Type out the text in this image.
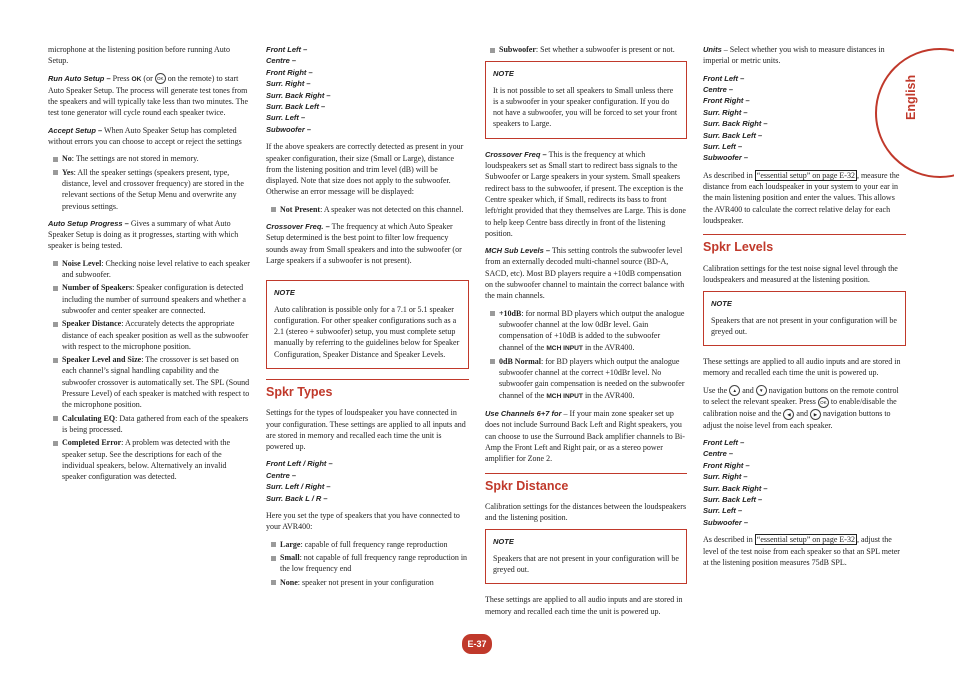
English

microphone at the listening position before running Auto Setup.

Run Auto Setup – Press OK (or OK on the remote) to start Auto Speaker Setup. The process will generate test tones from the speakers and will typically take less than two minutes. The test tone generator will cycle round each speaker twice.

Accept Setup – When Auto Speaker Setup has completed without errors you can choose to accept or reject the settings

No: The settings are not stored in memory.
Yes: All the speaker settings (speakers present, type, distance, level and crossover frequency) are stored in the relevant sections of the Setup Menu and overwrite any previous settings.

Auto Setup Progress – Gives a summary of what Auto Speaker Setup is doing as it progresses, starting with which speaker is being tested.

Noise Level: Checking noise level relative to each speaker and subwoofer.
Number of Speakers: Speaker configuration is detected including the number of surround speakers and whether a subwoofer and center speaker are connected.
Speaker Distance: Accurately detects the appropriate distance of each speaker position as well as the subwoofer with respect to the microphone position.
Speaker Level and Size: The crossover is set based on each channel’s signal handling capability and the subwoofer crossover is automatically set. The SPL (Sound Pressure Level) of each speaker is matched with respect to the microphone position.
Calculating EQ: Data gathered from each of the speakers is being processed.
Completed Error: A problem was detected with the speaker setup. See the descriptions for each of the individual speakers, below. Alternatively an invalid speaker configuration was detected.
Front Left –
Centre –
Front Right –
Surr. Right –
Surr. Back Right –
Surr. Back Left –
Surr. Left –
Subwoofer –

If the above speakers are correctly detected as present in your speaker configuration, their size (Small or Large), distance from the listening position and trim level (dB) will be displayed. Note that size does not apply to the subwoofer. Otherwise an error message will be displayed:

Not Present: A speaker was not detected on this channel.

Crossover Freq. – The frequency at which Auto Speaker Setup determined is the best point to filter low frequency sounds away from Small speakers and into the subwoofer (or Large speakers if a subwoofer is not present).

NOTE
Auto calibration is possible only for a 7.1 or 5.1 speaker configuration. For other speaker configurations such as a 2.1 (stereo + subwoofer) setup, you must complete setup manually by referring to the guidelines below for Speaker Configuration, Speaker Distance and Speaker Levels.
Spkr Types

Settings for the types of loudspeaker you have connected in your configuration. These settings are applied to all inputs and are stored in memory and recalled each time the unit is powered up.

Front Left / Right –
Centre –
Surr. Left / Right –
Surr. Back L / R –

Here you set the type of speakers that you have connected to your AVR400:

Large: capable of full frequency range reproduction
Small: not capable of full frequency range reproduction in the low frequency end
None: speaker not present in your configuration
Subwoofer: Set whether a subwoofer is present or not.
NOTE
It is not possible to set all speakers to Small unless there is a subwoofer in your speaker configuration. If you do not have a subwoofer, you will be forced to set your front speakers to Large.

Crossover Freq – This is the frequency at which loudspeakers set as Small start to redirect bass signals to the Subwoofer or Large speakers in your system. Small speakers redirect bass to the subwoofer, if present. The exception is the Centre speaker which, if Small, redirects its bass to front left/right provided that they themselves are Large. This is done to help keep Centre bass directly in front of the listening position.

MCH Sub Levels – This setting controls the subwoofer level from an externally decoded multi-channel source (BD-A, SACD, etc). Most BD players require a +10dB compensation on the subwoofer channel to maintain the correct balance with the main channels.

+10dB: for normal BD players which output the analogue subwoofer channel at the low 0dBr level. Gain compensation of +10dB is added to the subwoofer channel of the MCH INPUT in the AVR400.
0dB Normal: for BD players which output the analogue subwoofer channel at the correct +10dBr level. No subwoofer gain compensation is needed on the subwoofer channel of the MCH INPUT in the AVR400.

Use Channels 6+7 for – If your main zone speaker set up does not include Surround Back Left and Right speakers, you can choose to use the Surround Back amplifier channels to Bi-Amp the Front Left and Right pair, or as a stereo power amplifier for Zone 2.

Spkr Distance

Calibration settings for the distances between the loudspeakers and the listening position.

NOTE
Speakers that are not present in your configuration will be greyed out.

These settings are applied to all audio inputs and are stored in memory and recalled each time the unit is powered up.

Units – Select whether you wish to measure distances in imperial or metric units.

Front Left –
Centre –
Front Right –
Surr. Right –
Surr. Back Right –
Surr. Back Left –
Surr. Left –
Subwoofer –

As described in “essential setup” on page E-32 , measure the distance from each loudspeaker in your system to your ear in the main listening position and enter the values. This allows the AVR400 to calculate the correct relative delay for each loudspeaker.

Spkr Levels

Calibration settings for the test noise signal level through the loudspeakers and measured at the listening position.

NOTE
Speakers that are not present in your configuration will be greyed out.

These settings are applied to all audio inputs and are stored in memory and recalled each time the unit is powered up.

Use the ▲ and ▼ navigation buttons on the remote control to select the relevant speaker. Press OK to enable/disable the calibration noise and the ◀ and ▶ navigation buttons to adjust the noise level from each speaker.

Front Left –
Centre –
Front Right –
Surr. Right –
Surr. Back Right –
Surr. Back Left –
Surr. Left –
Subwoofer –

As described in “essential setup” on page E-32 , adjust the level of the test noise from each speaker so that an SPL meter at the listening position measures 75dB SPL.

E-37
